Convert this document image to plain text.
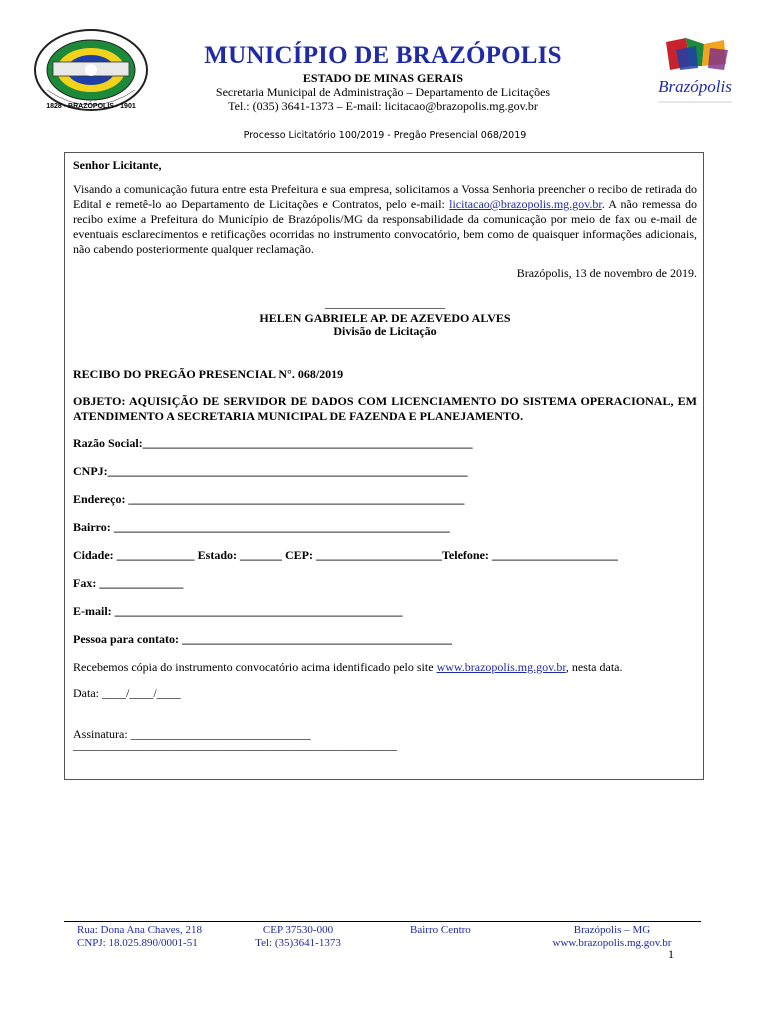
1828 - BRAZÓPOLIS - 1901
MUNICÍPIO DE BRAZÓPOLIS
ESTADO DE MINAS GERAIS
Secretaria Municipal de Administração – Departamento de Licitações
Tel.: (035) 3641-1373 – E-mail: licitacao@brazopolis.mg.gov.br
Brazópolis
Processo Licitatório 100/2019 - Pregão Presencial 068/2019
Senhor Licitante,
Visando a comunicação futura entre esta Prefeitura e sua empresa, solicitamos a Vossa Senhoria preencher o recibo de retirada do Edital e remetê-lo ao Departamento de Licitações e Contratos, pelo e-mail: licitacao@brazopolis.mg.gov.br. A não remessa do recibo exime a Prefeitura do Município de Brazópolis/MG da responsabilidade da comunicação por meio de fax ou e-mail de eventuais esclarecimentos e retificações ocorridas no instrumento convocatório, bem como de quaisquer informações adicionais, não cabendo posteriormente qualquer reclamação.
Brazópolis, 13 de novembro de 2019.
____________________
HELEN GABRIELE AP. DE AZEVEDO ALVES
Divisão de Licitação
RECIBO DO PREGÃO PRESENCIAL N°. 068/2019
OBJETO: AQUISIÇÃO DE SERVIDOR DE DADOS COM LICENCIAMENTO DO SISTEMA OPERACIONAL, EM ATENDIMENTO A SECRETARIA MUNICIPAL DE FAZENDA E PLANEJAMENTO.
Razão Social:_______________________________________________________
CNPJ:____________________________________________________________
Endereço: ________________________________________________________
Bairro: ________________________________________________________
Cidade: _____________ Estado: _______ CEP: _____________________Telefone: _____________________
Fax: ______________
E-mail: ________________________________________________
Pessoa para contato: _____________________________________________
Recebemos cópia do instrumento convocatório acima identificado pelo site www.brazopolis.mg.gov.br, nesta data.
Data: ____/____/____
Assinatura: ______________________________
______________________________________________________
Rua: Dona Ana Chaves, 218
CNPJ: 18.025.890/0001-51
CEP 37530-000
Tel: (35)3641-1373
Bairro Centro	Brazópolis – MG
www.brazopolis.mg.gov.br
1
